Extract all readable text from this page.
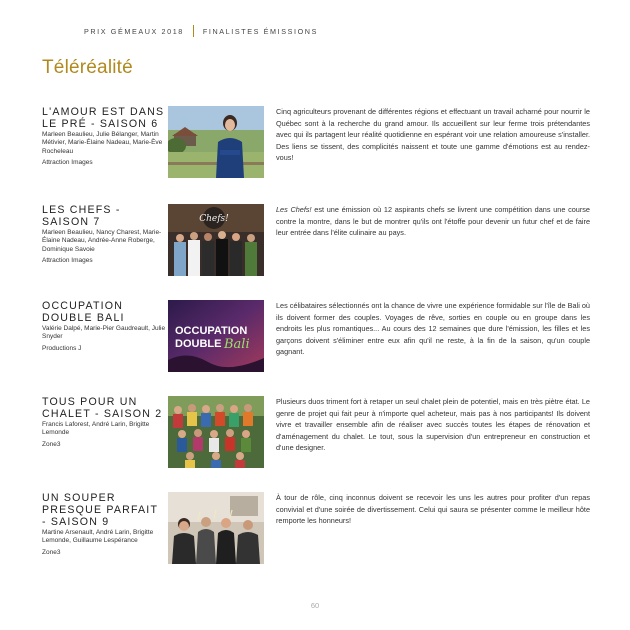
PRIX GÉMEAUX 2018	FINALISTES ÉMISSIONS
Téléréalité
L'AMOUR EST DANS LE PRÉ - SAISON 6
Marleen Beaulieu, Julie Bélanger, Martin Métivier, Marie-Élaine Nadeau, Marie-Ève Rocheleau
Attraction Images

Cinq agriculteurs provenant de différentes régions et effectuant un travail acharné pour nourrir le Québec sont à la recherche du grand amour. Ils accueillent sur leur ferme trois prétendantes avec qui ils partagent leur réalité quotidienne en espérant voir une relation amoureuse s'installer. Des liens se tissent, des complicités naissent et toute une gamme d'émotions est au rendez-vous!

LES CHEFS - SAISON 7
Marleen Beaulieu, Nancy Charest, Marie-Élaine Nadeau, Andrée-Anne Roberge, Dominique Savoie
Attraction Images
Chefs!

Les Chefs! est une émission où 12 aspirants chefs se livrent une compétition dans une course contre la montre, dans le but de montrer qu'ils ont l'étoffe pour devenir un futur chef et de faire leur entrée dans l'élite culinaire au pays.

OCCUPATION DOUBLE BALI
Valérie Dalpé, Marie-Pier Gaudreault, Julie Snyder
Productions J
OCCUPATION
DOUBLE Bali

Les célibataires sélectionnés ont la chance de vivre une expérience formidable sur l'île de Bali où ils doivent former des couples. Voyages de rêve, sorties en couple ou en groupe dans les endroits les plus romantiques... Au cours des 12 semaines que dure l'émission, les filles et les garçons doivent s'éliminer entre eux afin qu'il ne reste, à la fin de la saison, qu'un couple gagnant.

TOUS POUR UN CHALET - SAISON 2
Francis Laforest, André Larin, Brigitte Lemonde
Zone3

Plusieurs duos triment fort à retaper un seul chalet plein de potentiel, mais en très piètre état. Le genre de projet qui fait peur à n'importe quel acheteur, mais pas à nos participants! Ils doivent vivre et travailler ensemble afin de réaliser avec succès toutes les étapes de rénovation et d'aménagement du chalet. Le tout, sous la supervision d'un entrepreneur en construction et d'une designer.

UN SOUPER PRESQUE PARFAIT - SAISON 9
Martine Arsenault, André Larin, Brigitte Lemonde, Guillaume Lespérance
Zone3

À tour de rôle, cinq inconnus doivent se recevoir les uns les autres pour profiter d'un repas convivial et d'une soirée de divertissement. Celui qui saura se présenter comme le meilleur hôte remporte les honneurs!

60
